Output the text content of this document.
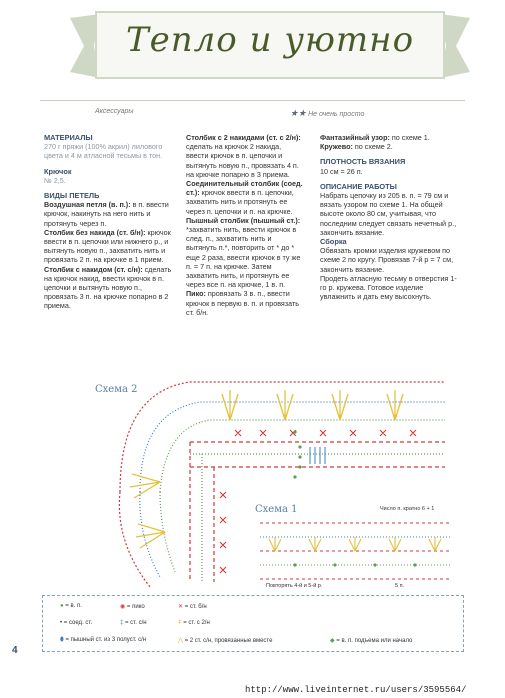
Тепло и уютно
Аксессуары	★★ Не очень просто

МАТЕРИАЛЫ

270 г пряжи (100% акрил) лилового цвета и 4 м атласной тесьмы в тон.

Крючок

№ 2,5.

ВИДЫ ПЕТЕЛЬ

Воздушная петля (в. п.): в п. ввести крючок, накинуть на него нить и протянуть через п.

Столбик без накида (ст. б/н): крючок ввести в п. цепочки или нижнего р., и вытянуть новую п., захватить нить и провязать 2 п. на крючке в 1 прием.

Столбик с накидом (ст. с/н): сделать на крючок накид, ввести крючок в п. цепочки и вытянуть новую п., провязать 3 п. на крючке попарно в 2 приема.

Столбик с 2 накидами (ст. с 2/н): сделать на крючок 2 накида, ввести крючок в п. цепочки и вытянуть новую п., провязать 4 п. на крючке попарно в 3 приема.

Соединительный столбик (соед. ст.): крючок ввести в п. цепочки, захватить нить и протянуть ее через п. цепочки и п. на крючке.

Пышный столбик (пышный ст.): *захватить нить, ввести крючок в след. п., захватить нить и вытянуть п.*, повторить от * до * еще 2 раза, ввести крючок в ту же п. = 7 п. на крючке. Затем захватить нить, и протянуть ее через все п. на крючке, 1 в. п.

Пико: провязать 3 в. п., ввести крючок в первую в. п. и провязать ст. б/н.

Фантазийный узор: по схеме 1.

Кружево: по схеме 2.

ПЛОТНОСТЬ ВЯЗАНИЯ

10 см = 26 п.

ОПИСАНИЕ РАБОТЫ

Набрать цепочку из 205 в. п. = 79 см и вязать узором по схеме 1. На общей высоте около 80 см, учитывая, что последним следует связать нечетный р., закончить вязание.

Сборка

Обвязать кромки изделия кружевом по схеме 2 по кругу. Провязав 7-й р = 7 см, закончить вязание.

Продеть атласную тесьму в отверстия 1-го р. кружева. Готовое изделие увлажнить и дать ему высохнуть.

Схема 2
Схема 1	Число п. кратно 6 + 1
Повторять 4-й и 5-й р.	5 п.
● = в. п.	◉ = пико	✕ = ст. б/н
• = соед. ст.	‡ = ст. с/н	ǂ = ст. с 2/н
⬮ = пышный ст. из 3 полуст. с/н	⋀ = 2 ст. с/н, провязанные вместе	◆ = в. п. подъема или начало
4
http://www.liveinternet.ru/users/3595564/
